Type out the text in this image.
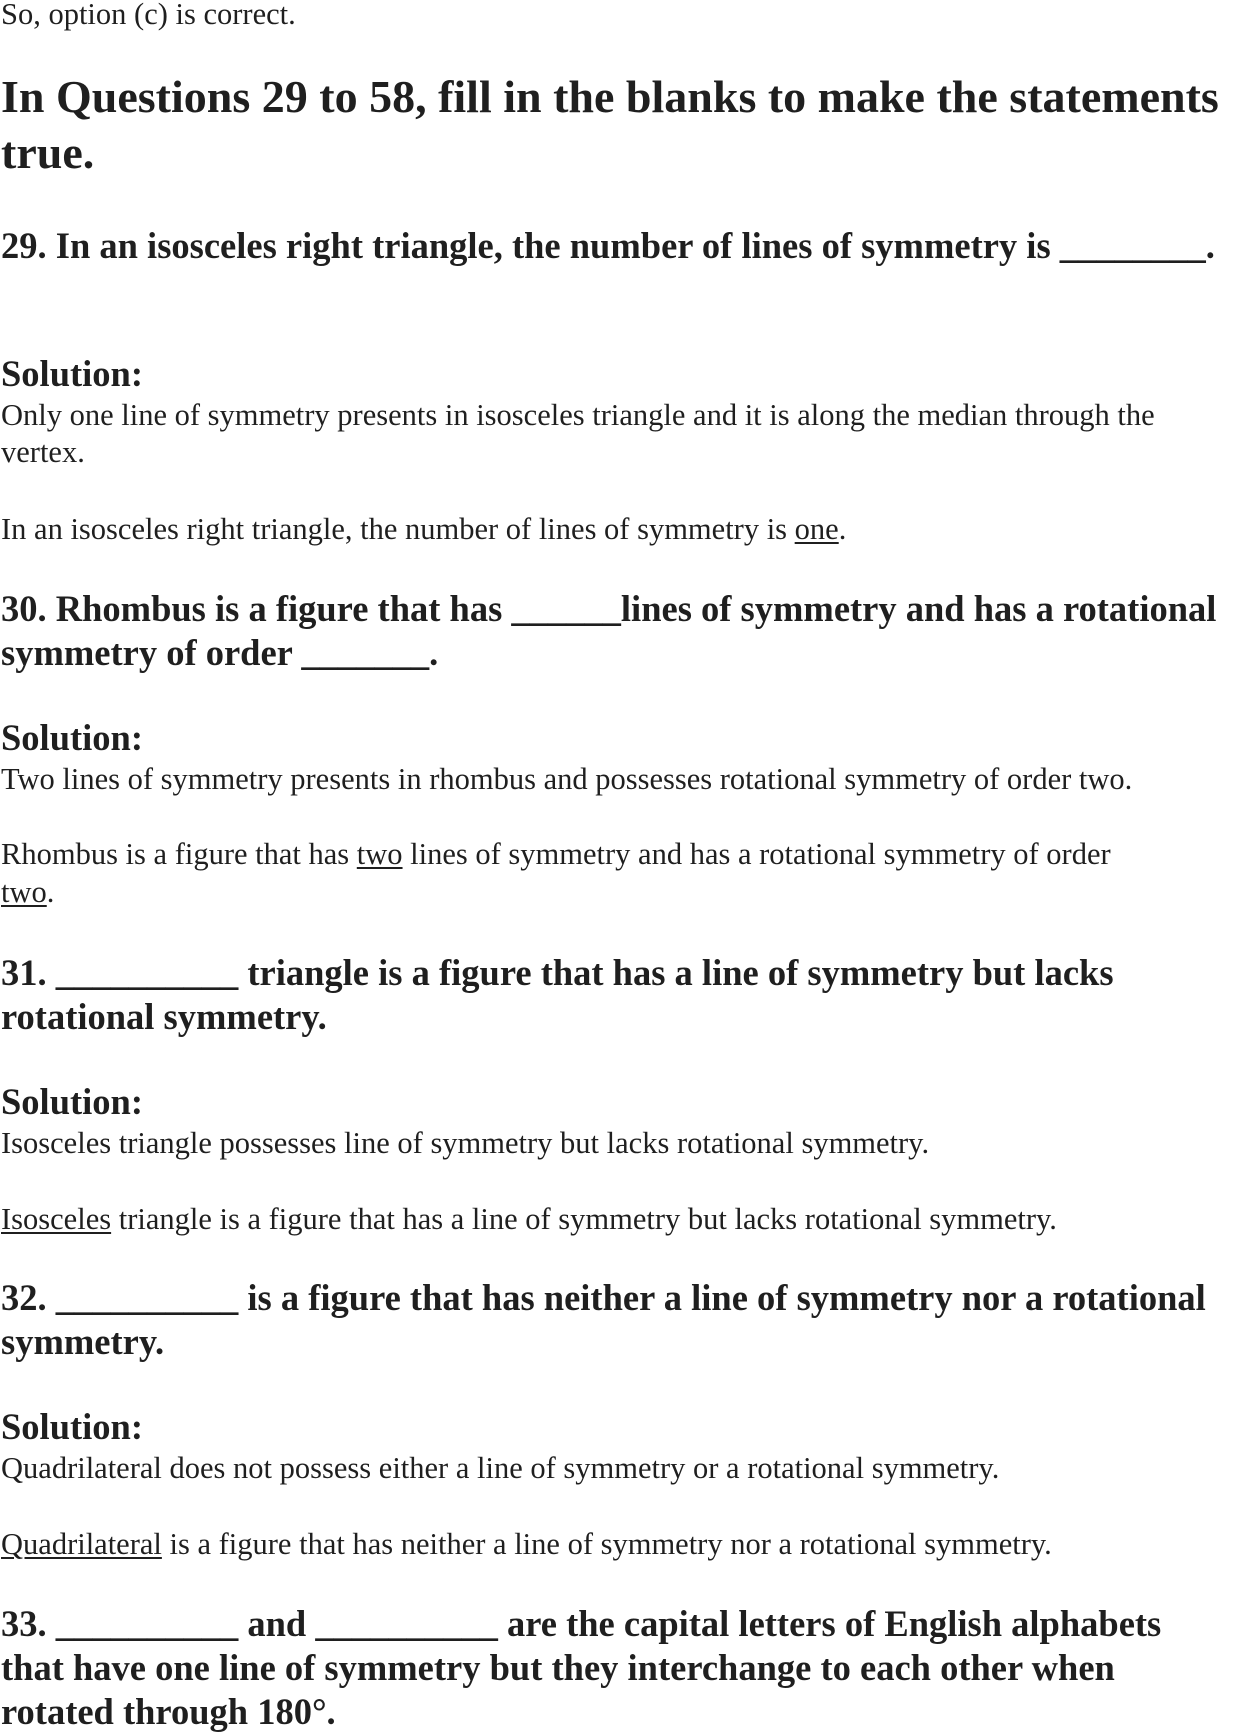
So, option (c) is correct.

In Questions 29 to 58, fill in the blanks to make the statements true.
29. In an isosceles right triangle, the number of lines of symmetry is ________.
Solution:

Only one line of symmetry presents in isosceles triangle and it is along the median through the vertex.

In an isosceles right triangle, the number of lines of symmetry is one.

30. Rhombus is a figure that has ______lines of symmetry and has a rotational symmetry of order _______.
Solution:

Two lines of symmetry presents in rhombus and possesses rotational symmetry of order two.

Rhombus is a figure that has two lines of symmetry and has a rotational symmetry of order

two.

31. __________ triangle is a figure that has a line of symmetry but lacks rotational symmetry.
Solution:

Isosceles triangle possesses line of symmetry but lacks rotational symmetry.

Isosceles triangle is a figure that has a line of symmetry but lacks rotational symmetry.

32. __________ is a figure that has neither a line of symmetry nor a rotational symmetry.
Solution:

Quadrilateral does not possess either a line of symmetry or a rotational symmetry.

Quadrilateral is a figure that has neither a line of symmetry nor a rotational symmetry.

33. __________ and __________ are the capital letters of English alphabets that have one line of symmetry but they interchange to each other when rotated through 180°.
